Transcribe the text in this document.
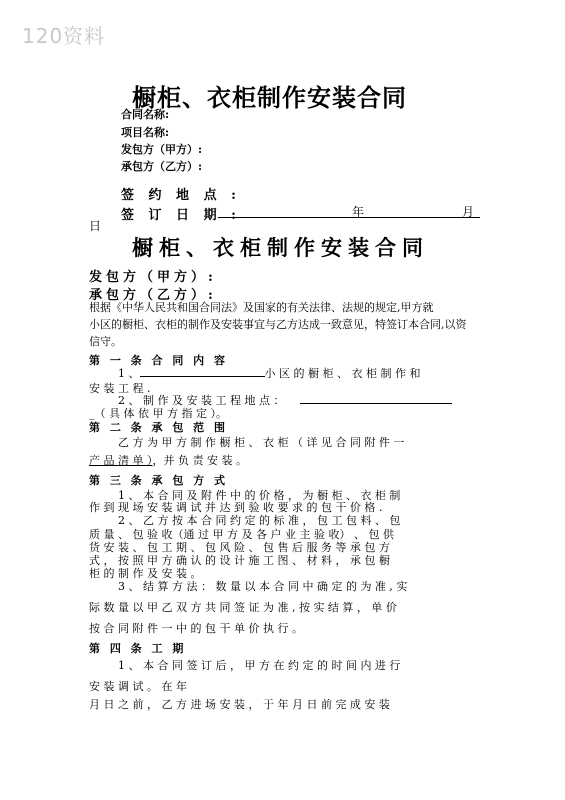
120资料
橱柜、衣柜制作安装合同
合同名称:
项目名称:
发包方（甲方）:
承包方（乙方）:
签 约 地 点 :
签 订 日 期 :	年	月
日
橱柜、衣柜制作安装合同
发包方（甲方）:
承包方（乙方）:
根据《中华人民共和国合同法》及国家的有关法律、法规的规定,甲方就
小区的橱柜、衣柜的制作及安装事宜与乙方达成一致意见，特签订本合同,以资
信守。
第 一 条 合 同 内 容
1 、	小 区 的 橱 柜 、 衣 柜 制 作 和
安 装 工 程 .
2 、 制 作 及 安 装 工 程 地 点 ：
_（ 具 体 依 甲 方 指 定 ）。
第 二 条 承 包 范 围
乙 方 为 甲 方 制 作 橱 柜 、 衣 柜 （ 详 见 合 同 附 件 一
产 品 清 单 ），并 负 责 安 装 。
第 三 条 承 包 方 式
1 、 本 合 同 及 附 件 中 的 价 格 ， 为 橱 柜 、 衣 柜 制
作 到 现 场 安 装 调 试 并 达 到 验 收 要 求 的 包 干 价 格 .
2 、 乙 方 按 本 合 同 约 定 的 标 准 ， 包 工 包 料 、 包
质 量 、 包 验 收（通 过 甲 方 及 各 户 业 主 验 收） 、 包 供
货 安 装 、 包 工 期 、 包 风 险 、 包 售 后 服 务 等 承 包 方
式 ， 按 照 甲 方 确 认 的 设 计 施 工 图 、 材 料 ， 承 包 橱
柜 的 制 作 及 安 装 。
3 、 结 算 方 法 ： 数 量 以 本 合 同 中 确 定 的 为 准 , 实
际 数 量 以 甲 乙 双 方 共 同 签 证 为 准 , 按 实 结 算 ， 单 价
按 合 同 附 件 一 中 的 包 干 单 价 执 行 。
第 四 条 工 期
1 、 本 合 同 签 订 后 ， 甲 方 在 约 定 的 时 间 内 进 行
安 装 调 试 。 在 年
月 日 之 前 ， 乙 方 进 场 安 装 ， 于 年 月 日 前 完 成 安 装
